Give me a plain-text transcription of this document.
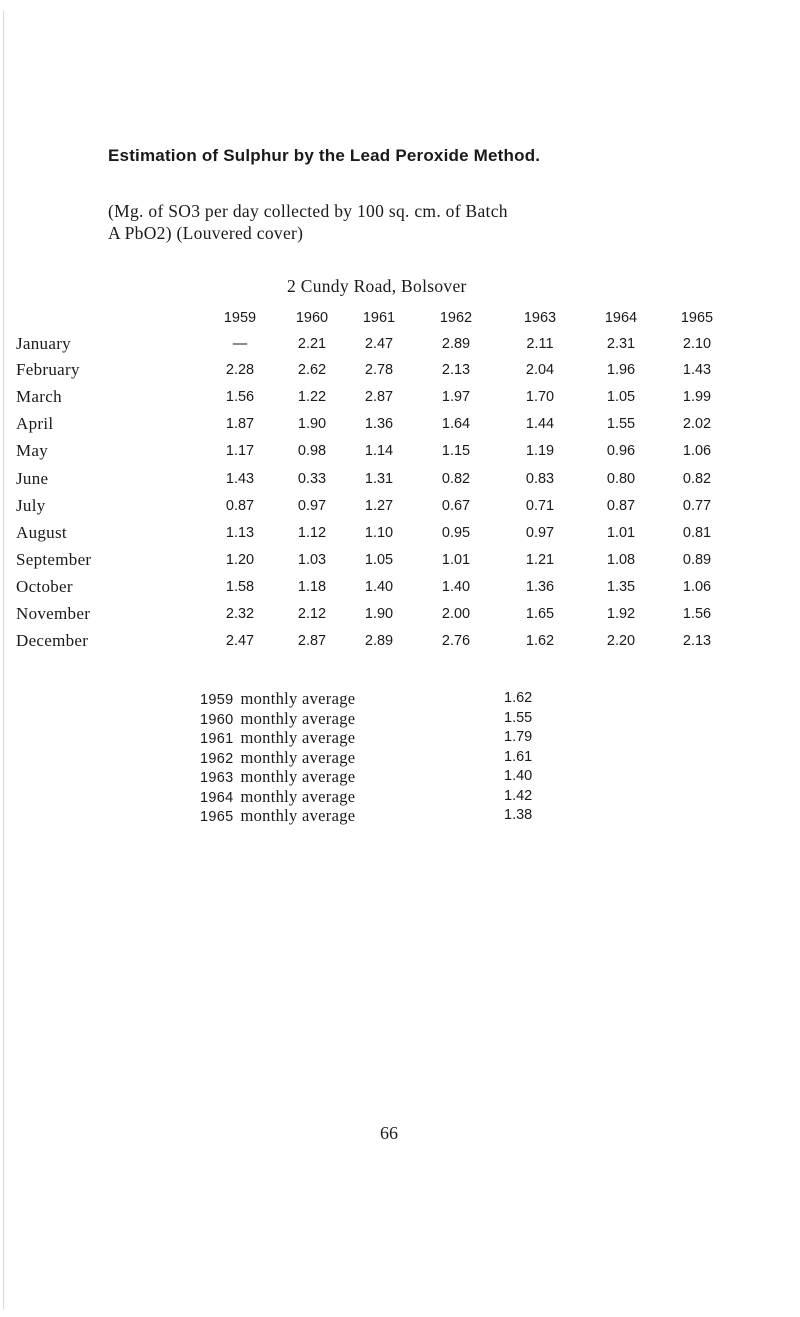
Estimation of Sulphur by the Lead Peroxide Method.
(Mg. of SO3 per day collected by 100 sq. cm. of Batch
A PbO2) (Louvered cover)
2 Cundy Road, Bolsover
1959	1960	1961	1962	1963	1964	1965
January	—	2.21	2.47	2.89	2.11	2.31	2.10
February	2.28	2.62	2.78	2.13	2.04	1.96	1.43
March	1.56	1.22	2.87	1.97	1.70	1.05	1.99
April	1.87	1.90	1.36	1.64	1.44	1.55	2.02
May	1.17	0.98	1.14	1.15	1.19	0.96	1.06
June	1.43	0.33	1.31	0.82	0.83	0.80	0.82
July	0.87	0.97	1.27	0.67	0.71	0.87	0.77
August	1.13	1.12	1.10	0.95	0.97	1.01	0.81
September	1.20	1.03	1.05	1.01	1.21	1.08	0.89
October	1.58	1.18	1.40	1.40	1.36	1.35	1.06
November	2.32	2.12	1.90	2.00	1.65	1.92	1.56
December	2.47	2.87	2.89	2.76	1.62	2.20	2.13
1959 monthly average	1.62
1960 monthly average	1.55
1961 monthly average	1.79
1962 monthly average	1.61
1963 monthly average	1.40
1964 monthly average	1.42
1965 monthly average	1.38
66
